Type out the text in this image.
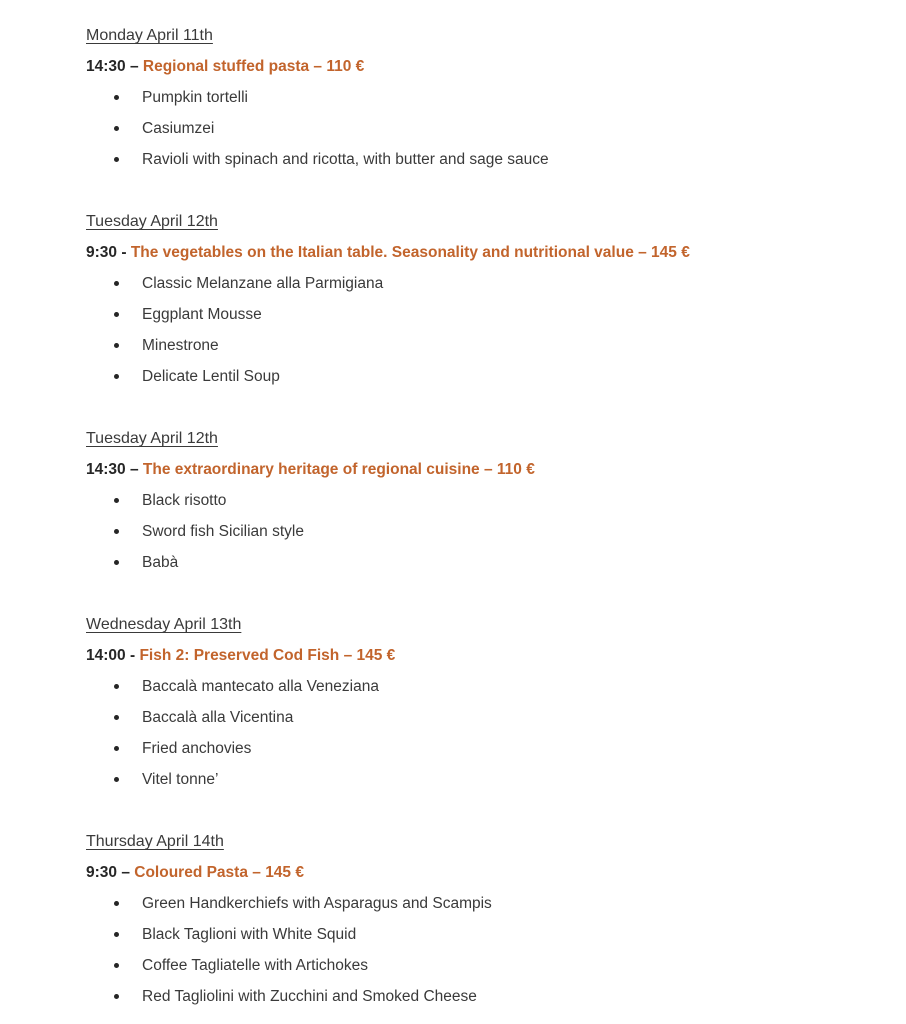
Monday April 11th

14:30 – Regional stuffed pasta – 110 €

Pumpkin tortelli
Casiumzei
Ravioli with spinach and ricotta, with butter and sage sauce
Tuesday April 12th

9:30 - The vegetables on the Italian table. Seasonality and nutritional value – 145 €

Classic Melanzane alla Parmigiana
Eggplant Mousse
Minestrone
Delicate Lentil Soup
Tuesday April 12th

14:30 – The extraordinary heritage of regional cuisine – 110 €

Black risotto
Sword fish Sicilian style
Babà
Wednesday April 13th

14:00 - Fish 2: Preserved Cod Fish – 145 €

Baccalà mantecato alla Veneziana
Baccalà alla Vicentina
Fried anchovies
Vitel tonne’
Thursday April 14th

9:30 – Coloured Pasta – 145 €

Green Handkerchiefs with Asparagus and Scampis
Black Taglioni with White Squid
Coffee Tagliatelle with Artichokes
Red Tagliolini with Zucchini and Smoked Cheese
